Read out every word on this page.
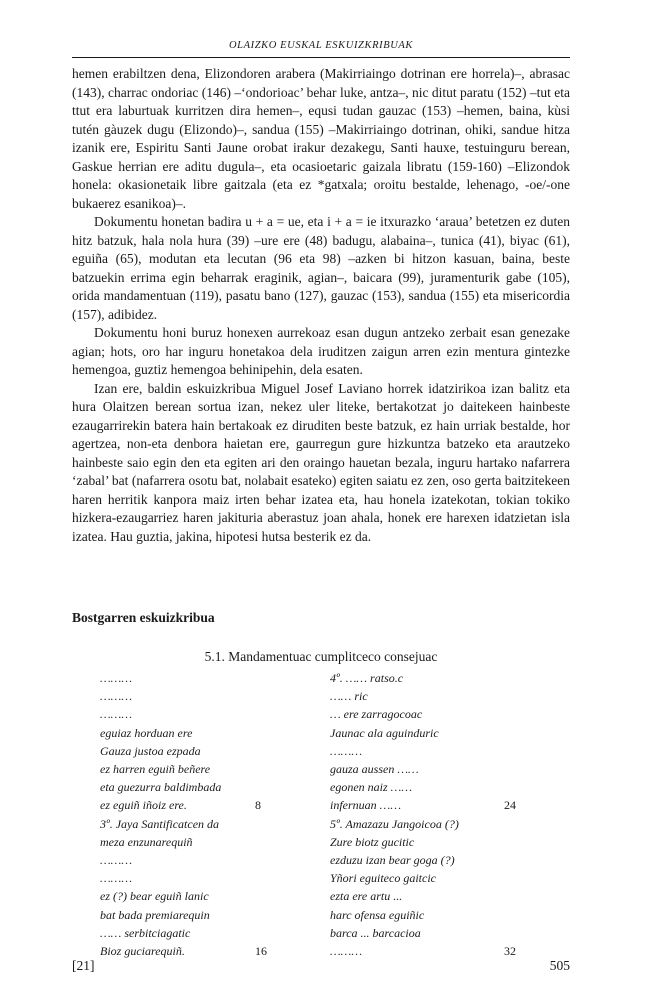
OLAIZKO EUSKAL ESKUIZKRIBUAK

hemen erabiltzen dena, Elizondoren arabera (Makirriaingo dotrinan ere horrela)–, abrasac (143), charrac ondoriac (146) –‘ondorioac’ behar luke, antza–, nic ditut paratu (152) –tut eta ttut era laburtuak kurritzen dira hemen–, equsi tudan gauzac (153) –hemen, baina, kùsi tutén gàuzek dugu (Elizondo)–, sandua (155) –Makirriaingo dotrinan, ohiki, sandue hitza izanik ere, Espiritu Santi Jaune orobat irakur dezakegu, Santi hauxe, testuinguru berean, Gaskue herrian ere aditu dugula–, eta ocasioetaric gaizala libratu (159-160) –Elizondok honela: okasionetaik libre gaitzala (eta ez *gatxala; oroitu bestalde, lehenago, -oe/-one bukaerez esanikoa)–.

Dokumentu honetan badira u + a = ue, eta i + a = ie itxurazko ‘araua’ betetzen ez duten hitz batzuk, hala nola hura (39) –ure ere (48) badugu, alabaina–, tunica (41), biyac (61), eguiña (65), modutan eta lecutan (96 eta 98) –azken bi hitzon kasuan, baina, beste batzuekin errima egin beharrak eraginik, agian–, baicara (99), juramenturik gabe (105), orida mandamentuan (119), pasatu bano (127), gauzac (153), sandua (155) eta misericordia (157), adibidez.

Dokumentu honi buruz honexen aurrekoaz esan dugun antzeko zerbait esan genezake agian; hots, oro har inguru honetakoa dela iruditzen zaigun arren ezin mentura gintezke hemengoa, guztiz hemengoa behinipehin, dela esaten.

Izan ere, baldin eskuizkribua Miguel Josef Laviano horrek idatzirikoa izan balitz eta hura Olaitzen berean sortua izan, nekez uler liteke, bertakotzat jo daitekeen hainbeste ezaugarrirekin batera hain bertakoak ez diruditen beste batzuk, ez hain urriak bestalde, hor agertzea, non-eta denbora haietan ere, gaurregun gure hizkuntza batzeko eta arautzeko hainbeste saio egin den eta egiten ari den oraingo hauetan bezala, inguru hartako nafarrera ‘zabal’ bat (nafarrera osotu bat, nolabait esateko) egiten saiatu ez zen, oso gerta baitzitekeen haren herritik kanpora maiz irten behar izatea eta, hau honela izatekotan, tokian tokiko hizkera-ezaugarriez haren jakituria aberastuz joan ahala, honek ere harexen idatzietan isla izatea. Hau guztia, jakina, hipotesi hutsa besterik ez da.

Bostgarren eskuizkribua
5.1. Mandamentuac cumplitceco consejuac
………
………
………
eguiaz horduan ere
Gauza justoa ezpada
ez harren eguiñ beñere
eta guezurra baldimbada
ez eguiñ iñoiz ere.	8
3º. Jaya Santificatcen da
meza enzunarequiñ
………
………
ez (?) bear eguiñ lanic
bat bada premiarequin
…… serbitciagatic
Bioz guciarequiñ.	16
4º. …… ratso.c
…… ric
… ere zarragocoac
Jaunac ala aguinduric
………
gauza aussen ……
egonen naiz ……
infernuan ……	24
5º. Amazazu Jangoicoa (?)
Zure biotz gucitic
ezduzu izan bear goga (?)
Yñori eguiteco gaitcic
ezta ere artu ...
harc ofensa eguiñic
barca ... barcacioa
………	32
[21]	505
